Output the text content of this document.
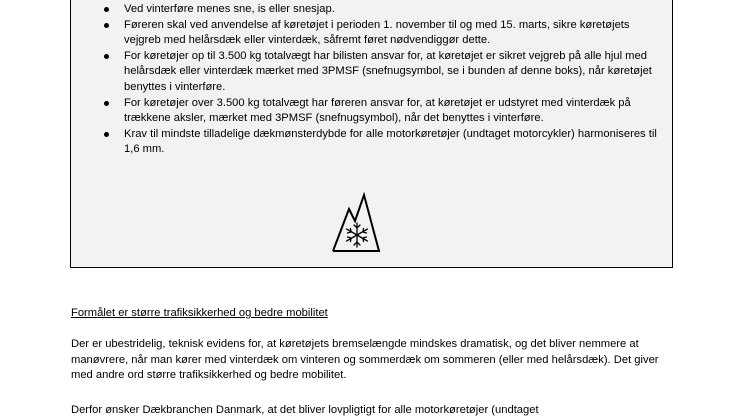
Ved vinterføre menes sne, is eller snesjap.
Føreren skal ved anvendelse af køretøjet i perioden 1. november til og med 15. marts, sikre køretøjets vejgreb med helårsdæk eller vinterdæk, såfremt føret nødvendiggør dette.
For køretøjer op til 3.500 kg totalvægt har bilisten ansvar for, at køretøjet er sikret vejgreb på alle hjul med helårsdæk eller vinterdæk mærket med 3PMSF (snefnugsymbol, se i bunden af denne boks), når køretøjet benyttes i vinterføre.
For køretøjer over 3.500 kg totalvægt har føreren ansvar for, at køretøjet er udstyret med vinterdæk på trækkene aksler, mærket med 3PMSF (snefnugsymbol), når det benyttes i vinterføre.
Krav til mindste tilladelige dækmønsterdybde for alle motorkøretøjer (undtaget motorcykler) harmoniseres til 1,6 mm.
Formålet er større trafiksikkerhed og bedre mobilitet

Der er ubestridelig, teknisk evidens for, at køretøjets bremselængde mindskes dramatisk, og det bliver nemmere at manøvrere, når man kører med vinterdæk om vinteren og sommerdæk om sommeren (eller med helårsdæk). Det giver med andre ord større trafiksikkerhed og bedre mobilitet.

Derfor ønsker Dækbranchen Danmark, at det bliver lovpligtigt for alle motorkøretøjer (undtaget
